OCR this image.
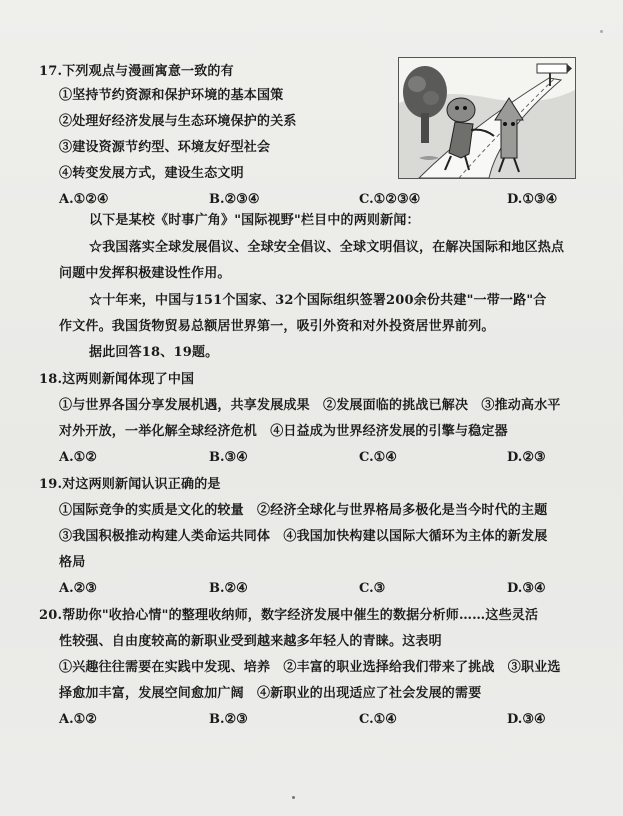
17.下列观点与漫画寓意一致的有
①坚持节约资源和保护环境的基本国策
②处理好经济发展与生态环境保护的关系
③建设资源节约型、环境友好型社会
④转变发展方式，建设生态文明
A.①②④	B.②③④	C.①②③④	D.①③④
以下是某校《时事广角》"国际视野"栏目中的两则新闻：
☆我国落实全球发展倡议、全球安全倡议、全球文明倡议，在解决国际和地区热点
问题中发挥积极建设性作用。
☆十年来，中国与151个国家、32个国际组织签署200余份共建"一带一路"合
作文件。我国货物贸易总额居世界第一，吸引外资和对外投资居世界前列。
据此回答18、19题。
18.这两则新闻体现了中国
①与世界各国分享发展机遇，共享发展成果　②发展面临的挑战已解决　③推动高水平
对外开放，一举化解全球经济危机　④日益成为世界经济发展的引擎与稳定器
A.①②	B.③④	C.①④	D.②③
19.对这两则新闻认识正确的是
①国际竞争的实质是文化的较量　②经济全球化与世界格局多极化是当今时代的主题
③我国积极推动构建人类命运共同体　④我国加快构建以国际大循环为主体的新发展
格局
A.②③	B.②④	C.③	D.③④
20.帮助你"收拾心情"的整理收纳师，数字经济发展中催生的数据分析师……这些灵活
性较强、自由度较高的新职业受到越来越多年轻人的青睐。这表明
①兴趣往往需要在实践中发现、培养　②丰富的职业选择给我们带来了挑战　③职业选
择愈加丰富，发展空间愈加广阔　④新职业的出现适应了社会发展的需要
A.①②	B.②③	C.①④	D.③④
